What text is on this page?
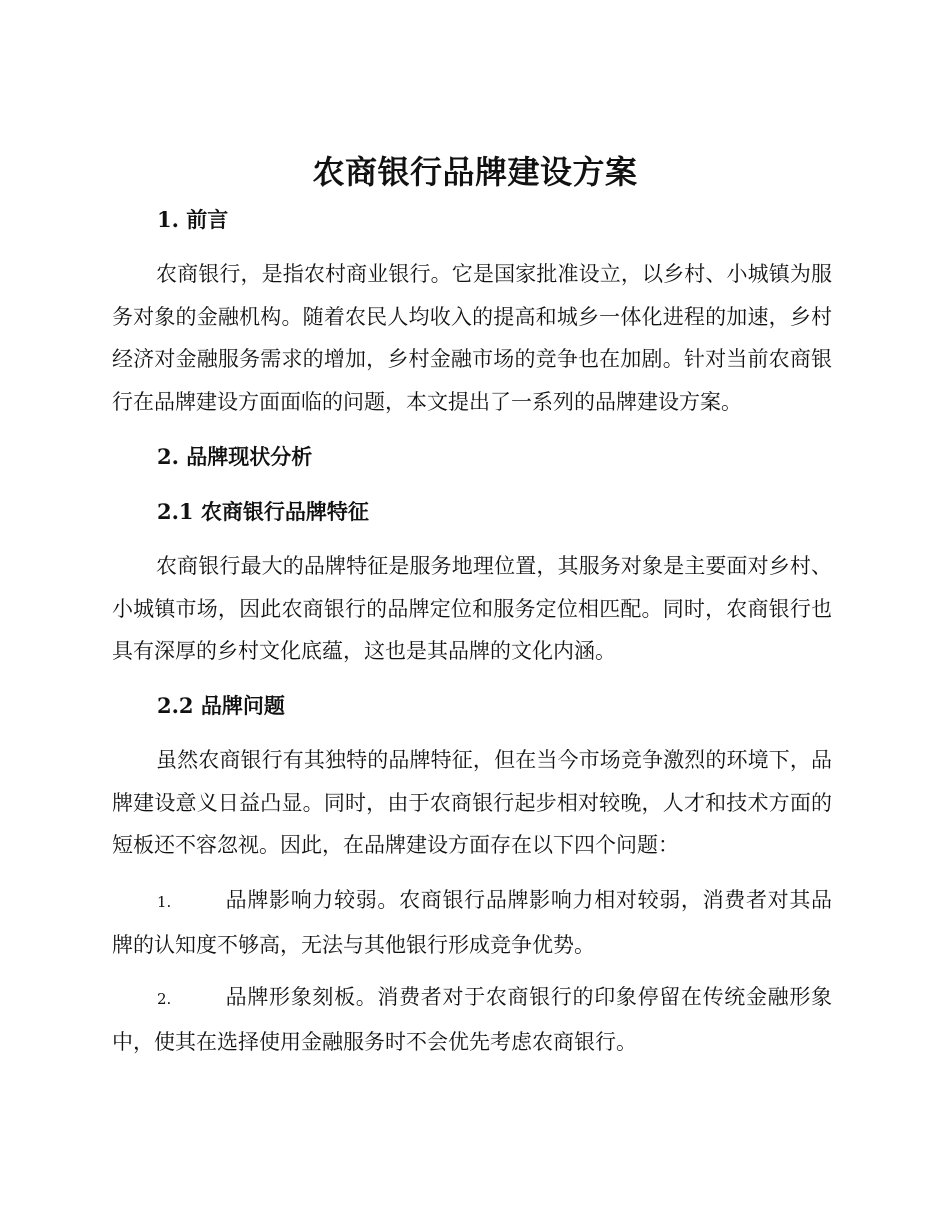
农商银行品牌建设方案
1. 前言

农商银行，是指农村商业银行。它是国家批准设立，以乡村、小城镇为服务对象的金融机构。随着农民人均收入的提高和城乡一体化进程的加速，乡村经济对金融服务需求的增加，乡村金融市场的竞争也在加剧。针对当前农商银行在品牌建设方面面临的问题，本文提出了一系列的品牌建设方案。

2. 品牌现状分析
2.1 农商银行品牌特征

农商银行最大的品牌特征是服务地理位置，其服务对象是主要面对乡村、小城镇市场，因此农商银行的品牌定位和服务定位相匹配。同时，农商银行也具有深厚的乡村文化底蕴，这也是其品牌的文化内涵。

2.2 品牌问题

虽然农商银行有其独特的品牌特征，但在当今市场竞争激烈的环境下，品牌建设意义日益凸显。同时，由于农商银行起步相对较晚，人才和技术方面的短板还不容忽视。因此，在品牌建设方面存在以下四个问题：

1.	品牌影响力较弱。农商银行品牌影响力相对较弱，消费者对其品牌的认知度不够高，无法与其他银行形成竞争优势。

2.	品牌形象刻板。消费者对于农商银行的印象停留在传统金融形象中，使其在选择使用金融服务时不会优先考虑农商银行。
